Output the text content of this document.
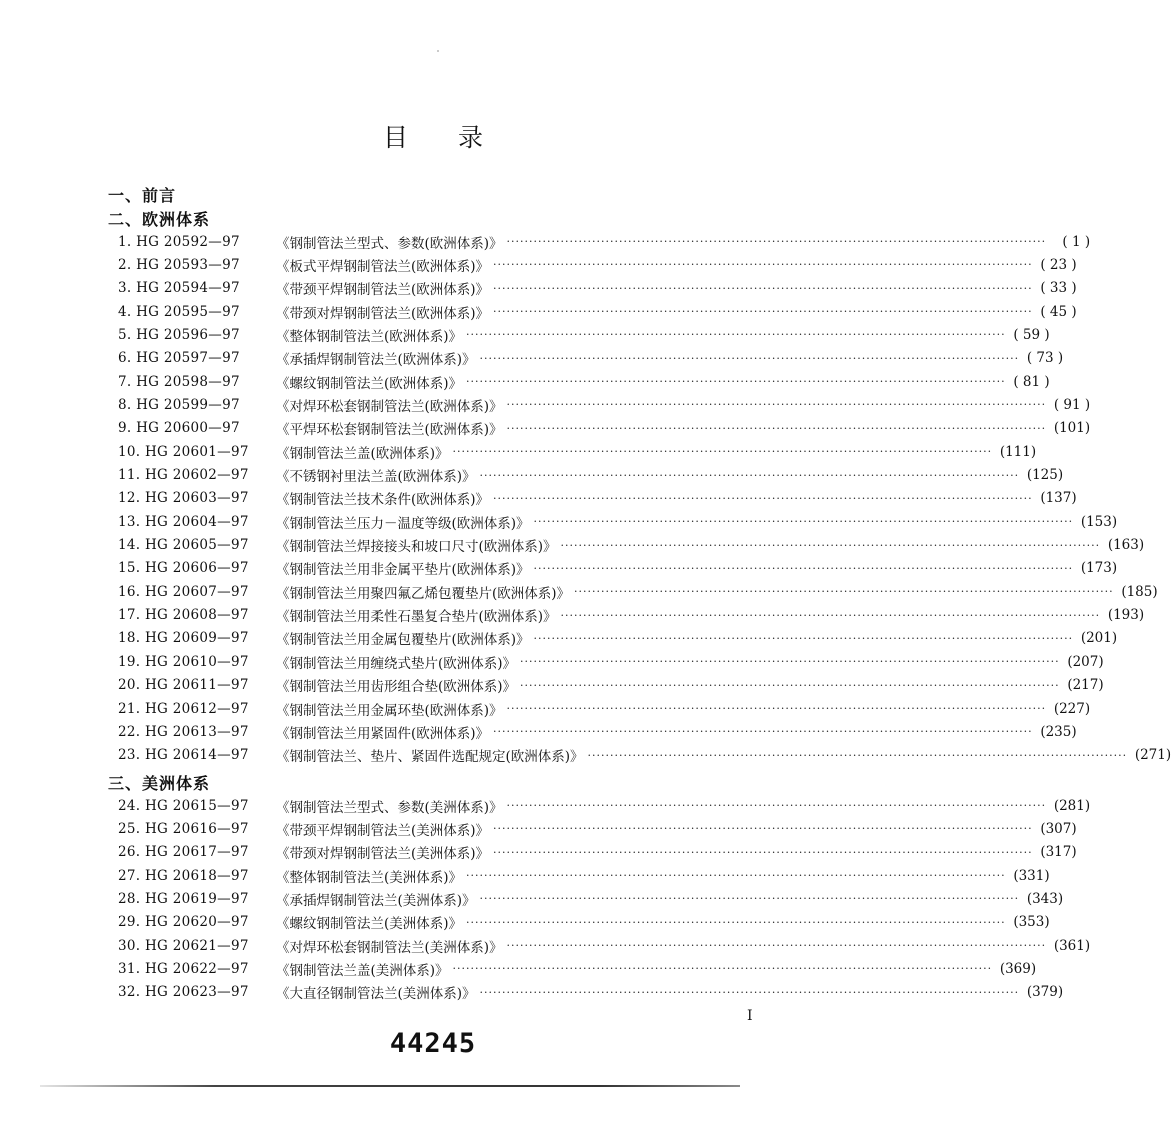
目 录
一、前言
二、欧洲体系
1. HG 20592—97	《钢制管法兰型式、参数(欧洲体系)》 ························································································································	( 1 )
2. HG 20593—97	《板式平焊钢制管法兰(欧洲体系)》 ························································································································ ( 23 )
3. HG 20594—97	《带颈平焊钢制管法兰(欧洲体系)》 ························································································································ ( 33 )
4. HG 20595—97	《带颈对焊钢制管法兰(欧洲体系)》 ························································································································ ( 45 )
5. HG 20596—97	《整体钢制管法兰(欧洲体系)》 ························································································································ ( 59 )
6. HG 20597—97	《承插焊钢制管法兰(欧洲体系)》 ························································································································ ( 73 )
7. HG 20598—97	《螺纹钢制管法兰(欧洲体系)》 ························································································································ ( 81 )
8. HG 20599—97	《对焊环松套钢制管法兰(欧洲体系)》 ························································································································ ( 91 )
9. HG 20600—97	《平焊环松套钢制管法兰(欧洲体系)》 ························································································································ (101)
10. HG 20601—97	《钢制管法兰盖(欧洲体系)》 ························································································································ (111)
11. HG 20602—97	《不锈钢衬里法兰盖(欧洲体系)》 ························································································································ (125)
12. HG 20603—97	《钢制管法兰技术条件(欧洲体系)》 ························································································································ (137)
13. HG 20604—97	《钢制管法兰压力－温度等级(欧洲体系)》 ························································································································ (153)
14. HG 20605—97	《钢制管法兰焊接接头和坡口尺寸(欧洲体系)》 ························································································································ (163)
15. HG 20606—97	《钢制管法兰用非金属平垫片(欧洲体系)》 ························································································································ (173)
16. HG 20607—97	《钢制管法兰用聚四氟乙烯包覆垫片(欧洲体系)》 ························································································································ (185)
17. HG 20608—97	《钢制管法兰用柔性石墨复合垫片(欧洲体系)》 ························································································································ (193)
18. HG 20609—97	《钢制管法兰用金属包覆垫片(欧洲体系)》 ························································································································ (201)
19. HG 20610—97	《钢制管法兰用缠绕式垫片(欧洲体系)》 ························································································································ (207)
20. HG 20611—97	《钢制管法兰用齿形组合垫(欧洲体系)》 ························································································································ (217)
21. HG 20612—97	《钢制管法兰用金属环垫(欧洲体系)》 ························································································································ (227)
22. HG 20613—97	《钢制管法兰用紧固件(欧洲体系)》 ························································································································ (235)
23. HG 20614—97	《钢制管法兰、垫片、紧固件选配规定(欧洲体系)》 ························································································································ (271)
三、美洲体系
24. HG 20615—97	《钢制管法兰型式、参数(美洲体系)》 ························································································································ (281)
25. HG 20616—97	《带颈平焊钢制管法兰(美洲体系)》 ························································································································ (307)
26. HG 20617—97	《带颈对焊钢制管法兰(美洲体系)》 ························································································································ (317)
27. HG 20618—97	《整体钢制管法兰(美洲体系)》 ························································································································ (331)
28. HG 20619—97	《承插焊钢制管法兰(美洲体系)》 ························································································································ (343)
29. HG 20620—97	《螺纹钢制管法兰(美洲体系)》 ························································································································ (353)
30. HG 20621—97	《对焊环松套钢制管法兰(美洲体系)》 ························································································································ (361)
31. HG 20622—97	《钢制管法兰盖(美洲体系)》 ························································································································ (369)
32. HG 20623—97	《大直径钢制管法兰(美洲体系)》 ························································································································ (379)
I
44245
